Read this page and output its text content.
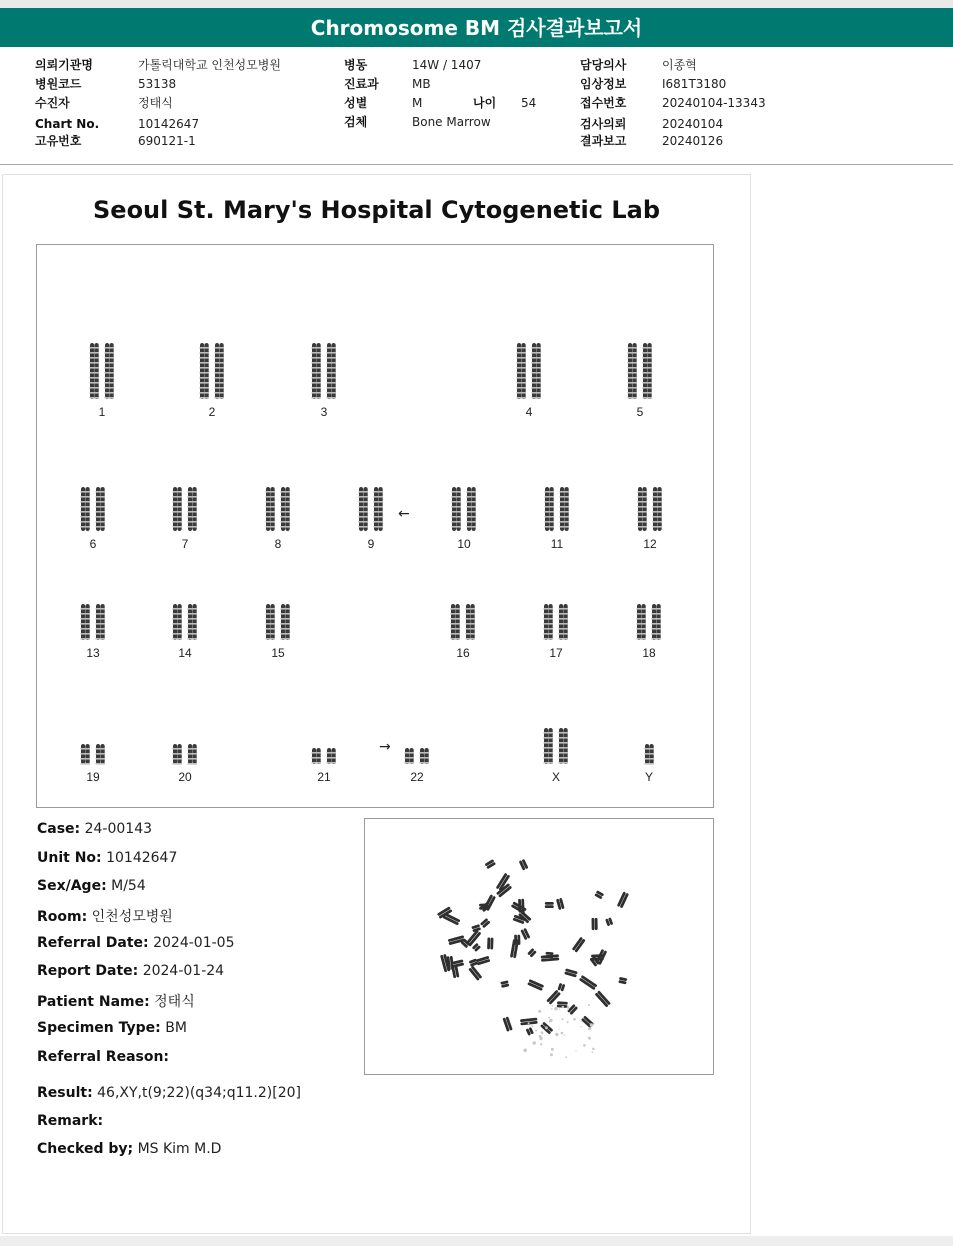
Chromosome BM 검사결과보고서
의뢰기관명	가톨릭대학교 인천성모병원
병원코드	53138
수진자	정태식
Chart No.	10142647
고유번호	690121-1
병동	14W / 1407
진료과	MB
성별	M	나이 54
검체	Bone Marrow
담당의사	이종혁
임상정보	I681T3180
접수번호	20240104-13343
검사의뢰	20240104
결과보고	20240126
Seoul St. Mary's Hospital Cytogenetic Lab
1	2	3	4	5
6	7	8	9	10	11	12
13	14	15	16	17	18
19	20	21	22	X	Y
←
→
Case: 24-00143
Unit No: 10142647
Sex/Age: M/54
Room: 인천성모병원
Referral Date: 2024-01-05
Report Date: 2024-01-24
Patient Name: 정태식
Specimen Type: BM
Referral Reason:
Result: 46,XY,t(9;22)(q34;q11.2)[20]
Remark:
Checked by; MS Kim M.D
